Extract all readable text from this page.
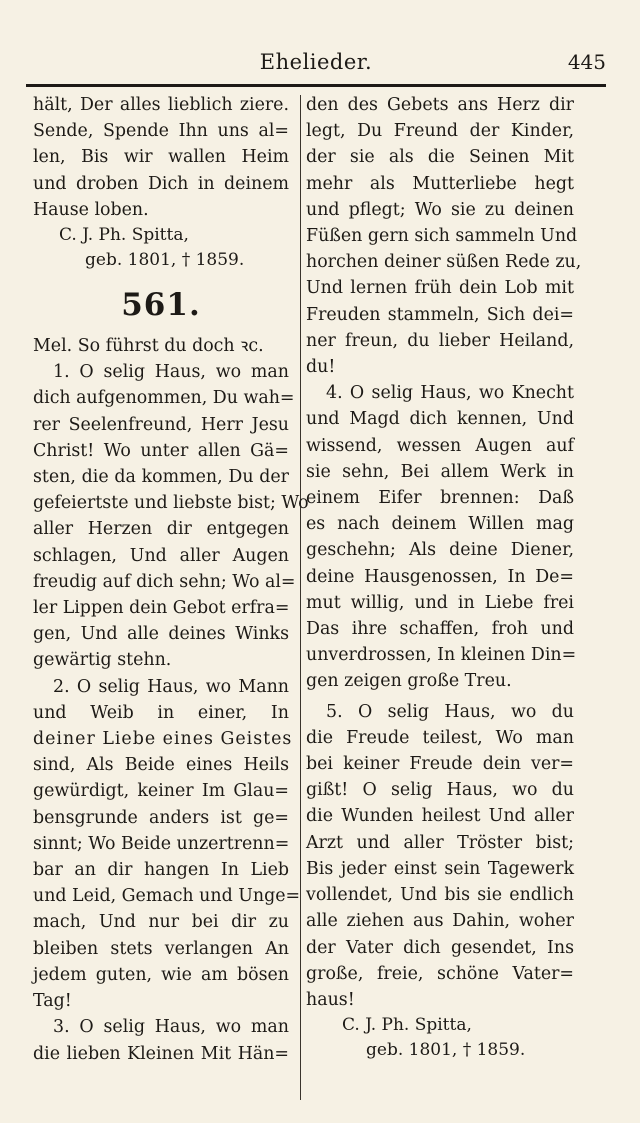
Ehelieder.	445
hält, Der alles lieblich ziere.
Sende, Spende Ihn uns al=
len, Bis wir wallen Heim
und droben Dich in deinem
Hause loben.
C. J. Ph. Spitta,
geb. 1801, † 1859.
561.
Mel. So führst du doch ꝛc.
1. O selig Haus, wo man
dich aufgenommen, Du wah=
rer Seelenfreund, Herr Jesu
Christ! Wo unter allen Gä=
sten, die da kommen, Du der
gefeiertste und liebste bist; Wo
aller Herzen dir entgegen
schlagen, Und aller Augen
freudig auf dich sehn; Wo al=
ler Lippen dein Gebot erfra=
gen, Und alle deines Winks
gewärtig stehn.
2. O selig Haus, wo Mann
und Weib in einer, In
deiner Liebe eines Geistes
sind, Als Beide eines Heils
gewürdigt, keiner Im Glau=
bensgrunde anders ist ge=
sinnt; Wo Beide unzertrenn=
bar an dir hangen In Lieb
und Leid, Gemach und Unge=
mach, Und nur bei dir zu
bleiben stets verlangen An
jedem guten, wie am bösen
Tag!
3. O selig Haus, wo man
die lieben Kleinen Mit Hän=
den des Gebets ans Herz dir
legt, Du Freund der Kinder,
der sie als die Seinen Mit
mehr als Mutterliebe hegt
und pflegt; Wo sie zu deinen
Füßen gern sich sammeln Und
horchen deiner süßen Rede zu,
Und lernen früh dein Lob mit
Freuden stammeln, Sich dei=
ner freun, du lieber Heiland,
du!
4. O selig Haus, wo Knecht
und Magd dich kennen, Und
wissend, wessen Augen auf
sie sehn, Bei allem Werk in
einem Eifer brennen: Daß
es nach deinem Willen mag
geschehn; Als deine Diener,
deine Hausgenossen, In De=
mut willig, und in Liebe frei
Das ihre schaffen, froh und
unverdrossen, In kleinen Din=
gen zeigen große Treu.
5. O selig Haus, wo du
die Freude teilest, Wo man
bei keiner Freude dein ver=
gißt! O selig Haus, wo du
die Wunden heilest Und aller
Arzt und aller Tröster bist;
Bis jeder einst sein Tagewerk
vollendet, Und bis sie endlich
alle ziehen aus Dahin, woher
der Vater dich gesendet, Ins
große, freie, schöne Vater=
haus!
C. J. Ph. Spitta,
geb. 1801, † 1859.
